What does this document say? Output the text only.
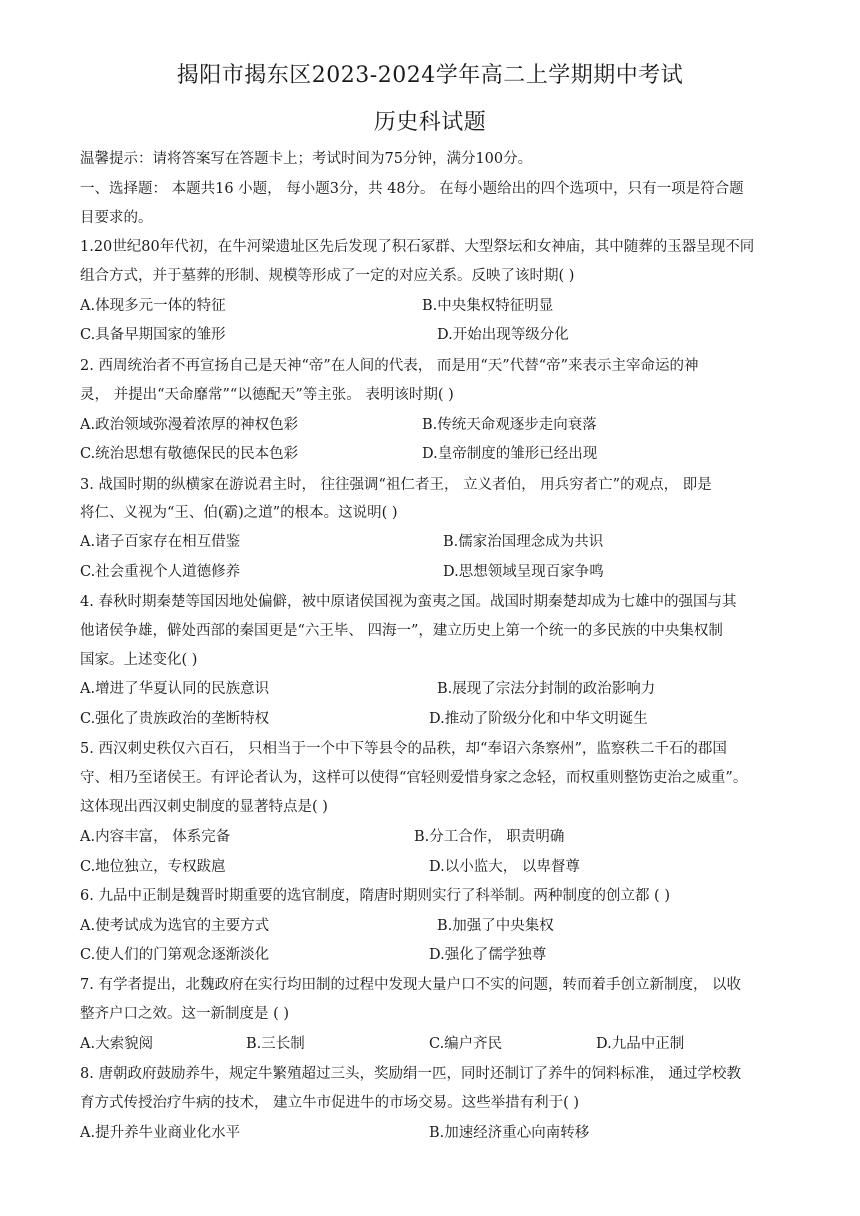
揭阳市揭东区2023-2024学年高二上学期期中考试
历史科试题
温馨提示：请将答案写在答题卡上；考试时间为75分钟，满分100分。
一、选择题： 本题共16 小题， 每小题3分，共 48分。 在每小题给出的四个选项中，只有一项是符合题
目要求的。
1.20世纪80年代初，在牛河梁遗址区先后发现了积石冢群、大型祭坛和女神庙，其中随葬的玉器呈现不同
组合方式，并于墓葬的形制、规模等形成了一定的对应关系。反映了该时期( )
A.体现多元一体的特征	B.中央集权特征明显
C.具备早期国家的雏形	D.开始出现等级分化
2. 西周统治者不再宣扬自己是天神“帝”在人间的代表， 而是用“天”代替“帝”来表示主宰命运的神
灵， 并提出“天命靡常”“以德配天”等主张。 表明该时期( )
A.政治领域弥漫着浓厚的神权色彩	B.传统天命观逐步走向衰落
C.统治思想有敬德保民的民本色彩	D.皇帝制度的雏形已经出现
3. 战国时期的纵横家在游说君主时， 往往强调“祖仁者王， 立义者伯， 用兵穷者亡”的观点， 即是
将仁、义视为“王、伯(霸)之道”的根本。这说明( )
A.诸子百家存在相互借鉴	B.儒家治国理念成为共识
C.社会重视个人道德修养	D.思想领域呈现百家争鸣
4. 春秋时期秦楚等国因地处偏僻，被中原诸侯国视为蛮夷之国。战国时期秦楚却成为七雄中的强国与其
他诸侯争雄，僻处西部的秦国更是“六王毕、 四海一”，建立历史上第一个统一的多民族的中央集权制
国家。上述变化( )
A.增进了华夏认同的民族意识	B.展现了宗法分封制的政治影响力
C.强化了贵族政治的垄断特权	D.推动了阶级分化和中华文明诞生
5. 西汉刺史秩仅六百石， 只相当于一个中下等县令的品秩，却“奉诏六条察州”，监察秩二千石的郡国
守、相乃至诸侯王。有评论者认为，这样可以使得“官轻则爱惜身家之念轻，而权重则整饬吏治之威重”。
这体现出西汉刺史制度的显著特点是( )
A.内容丰富， 体系完备	B.分工合作， 职责明确
C.地位独立，专权跋扈	D.以小监大， 以卑督尊
6. 九品中正制是魏晋时期重要的选官制度，隋唐时期则实行了科举制。两种制度的创立都 ( )
A.使考试成为选官的主要方式	B.加强了中央集权
C.使人们的门第观念逐渐淡化	D.强化了儒学独尊
7. 有学者提出，北魏政府在实行均田制的过程中发现大量户口不实的问题，转而着手创立新制度， 以收
整齐户口之效。这一新制度是 ( )
A.大索貌阅	B.三长制	C.编户齐民	D.九品中正制
8. 唐朝政府鼓励养牛，规定牛繁殖超过三头，奖励绢一匹，同时还制订了养牛的饲料标准， 通过学校教
育方式传授治疗牛病的技术， 建立牛市促进牛的市场交易。这些举措有利于( )
A.提升养牛业商业化水平	B.加速经济重心向南转移
